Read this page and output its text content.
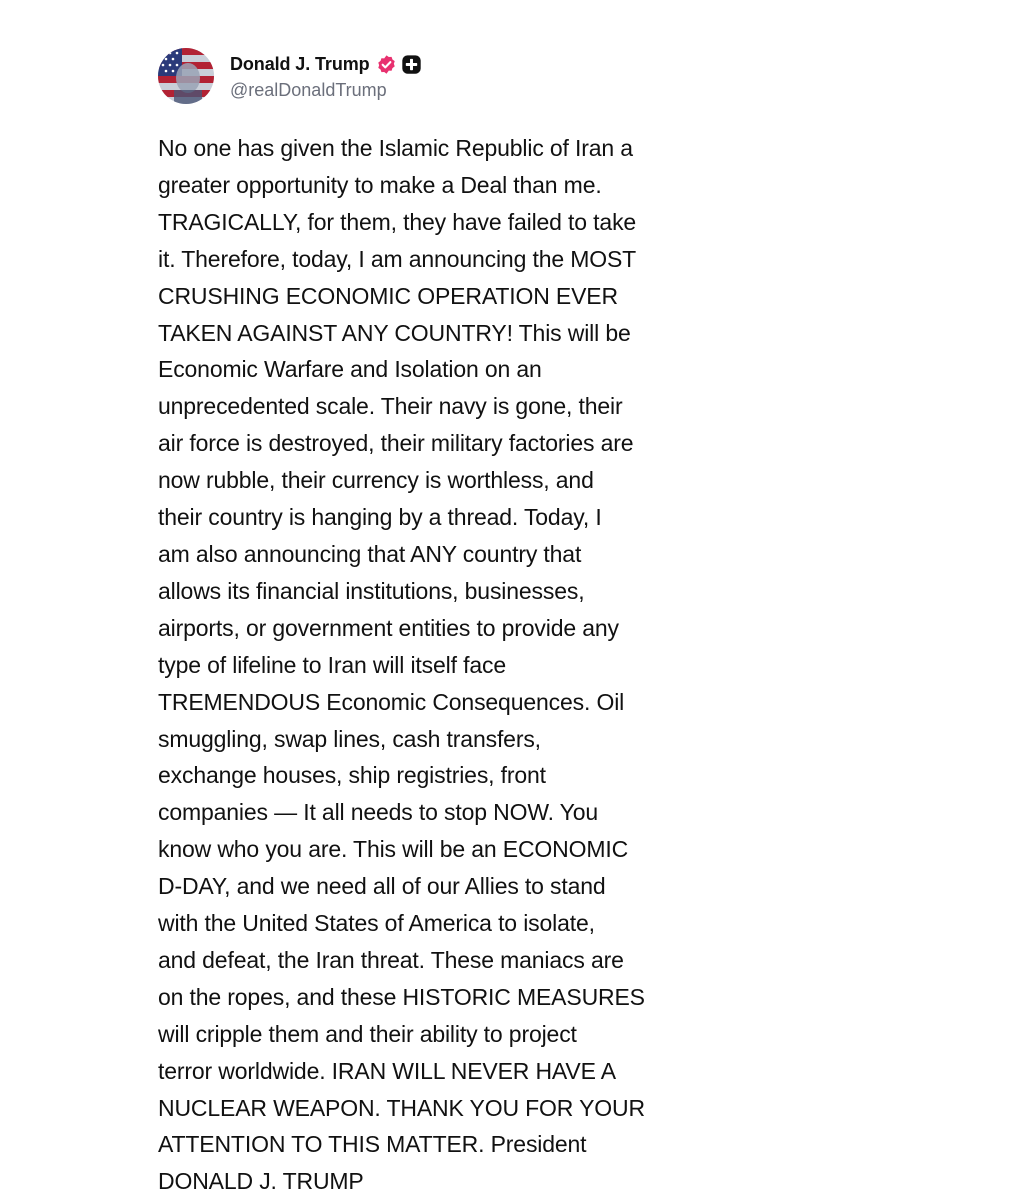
Donald J. Trump
@realDonaldTrump
No one has given the Islamic Republic of Iran a
greater opportunity to make a Deal than me.
TRAGICALLY, for them, they have failed to take
it. Therefore, today, I am announcing the MOST
CRUSHING ECONOMIC OPERATION EVER
TAKEN AGAINST ANY COUNTRY! This will be
Economic Warfare and Isolation on an
unprecedented scale. Their navy is gone, their
air force is destroyed, their military factories are
now rubble, their currency is worthless, and
their country is hanging by a thread. Today, I
am also announcing that ANY country that
allows its financial institutions, businesses,
airports, or government entities to provide any
type of lifeline to Iran will itself face
TREMENDOUS Economic Consequences. Oil
smuggling, swap lines, cash transfers,
exchange houses, ship registries, front
companies — It all needs to stop NOW. You
know who you are. This will be an ECONOMIC
D-DAY, and we need all of our Allies to stand
with the United States of America to isolate,
and defeat, the Iran threat. These maniacs are
on the ropes, and these HISTORIC MEASURES
will cripple them and their ability to project
terror worldwide. IRAN WILL NEVER HAVE A
NUCLEAR WEAPON. THANK YOU FOR YOUR
ATTENTION TO THIS MATTER. President
DONALD J. TRUMP
